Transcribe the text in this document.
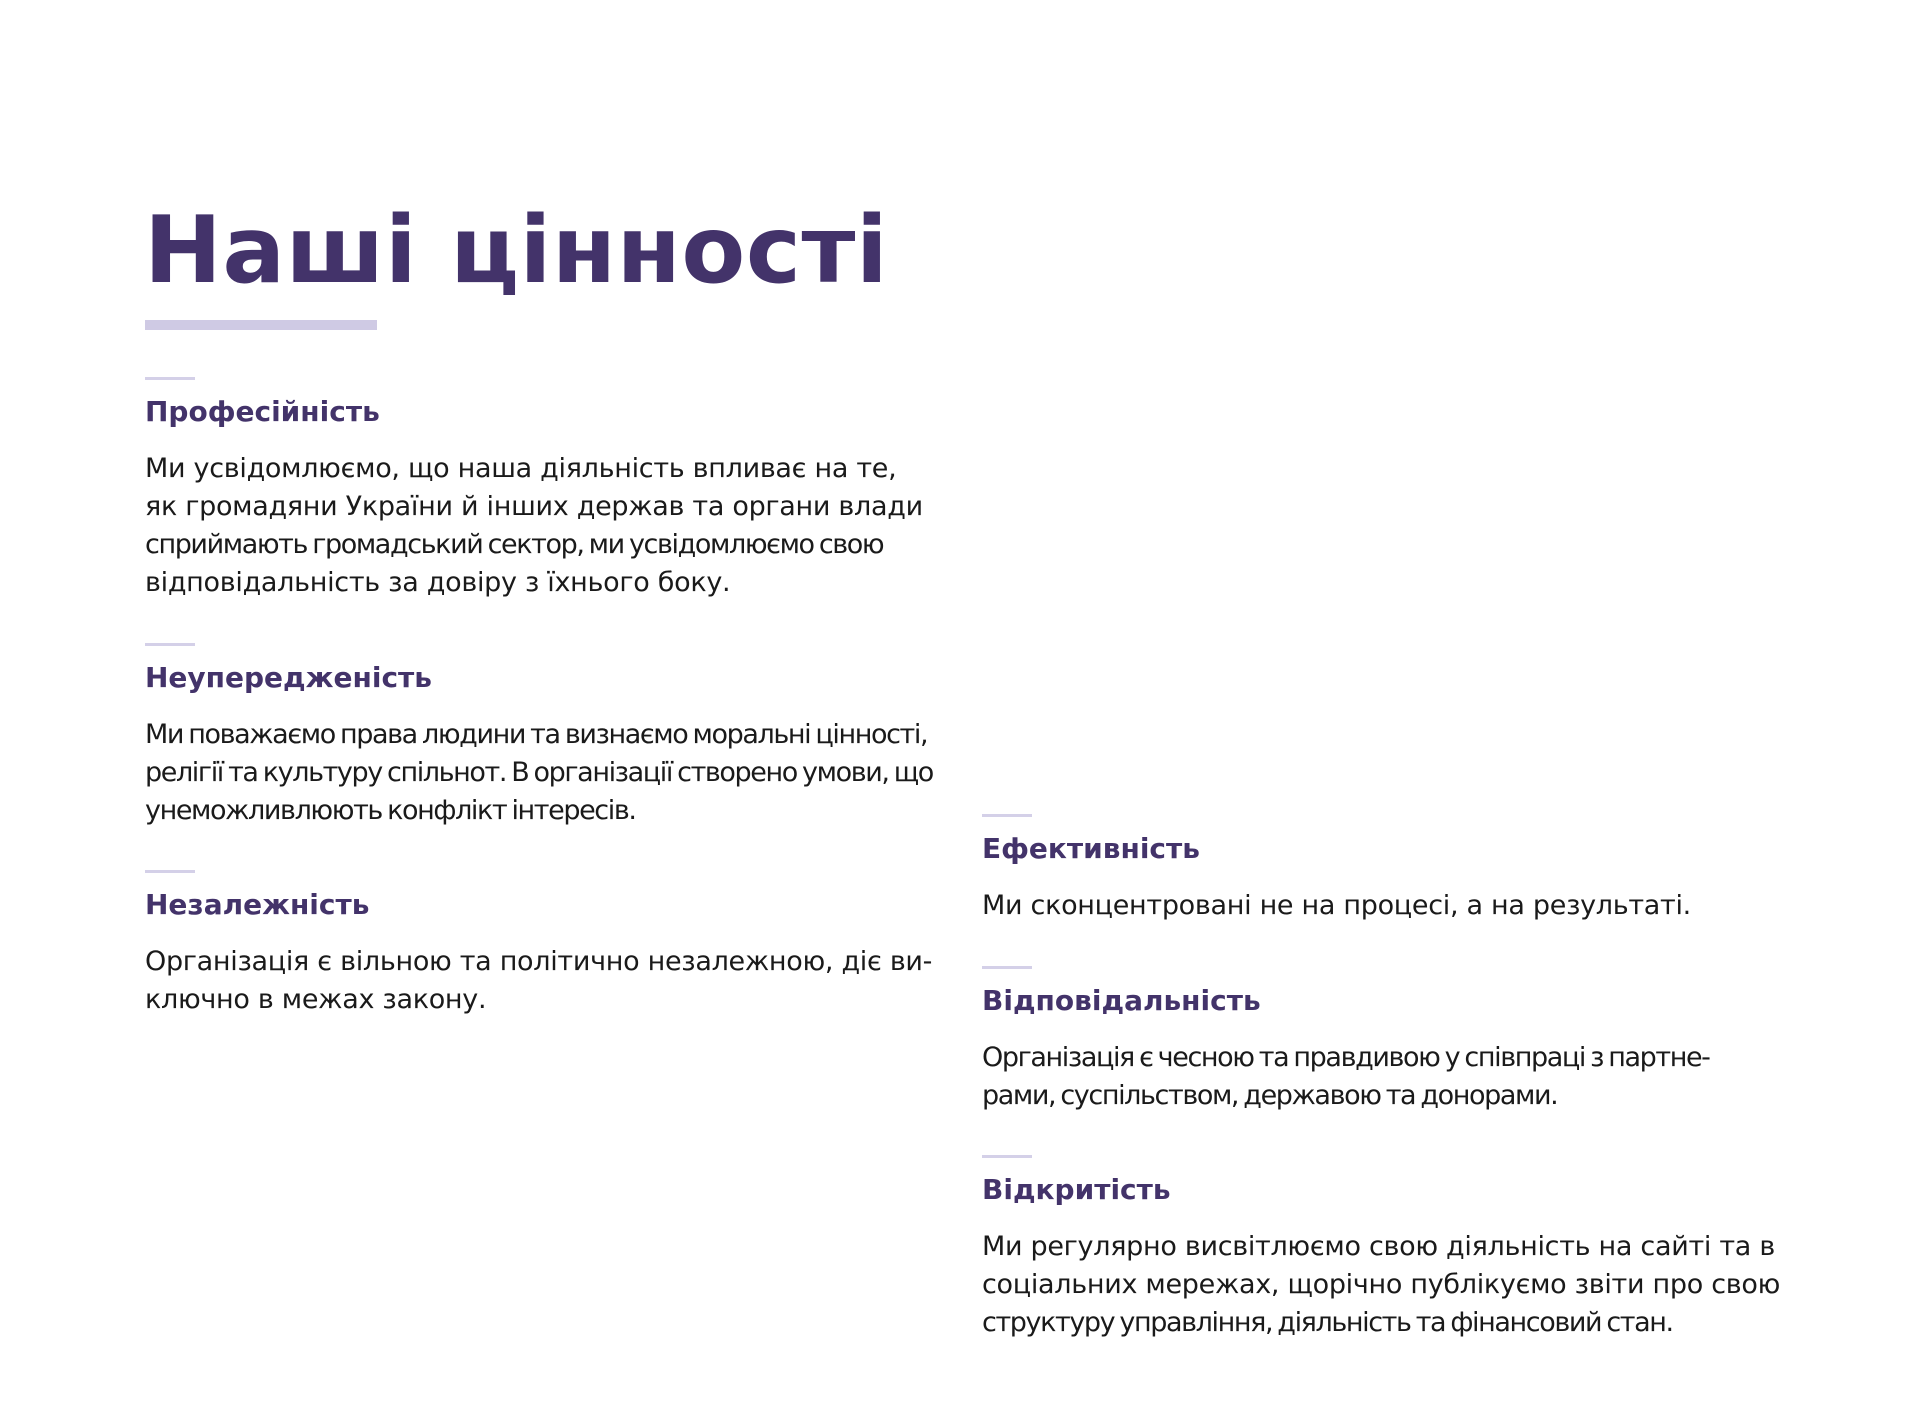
Наші цінності
Професійність

Ми усвідомлюємо, що наша діяльність впливає на те,
як громадяни України й інших держав та органи влади
сприймають громадський сектор, ми усвідомлюємо свою
відповідальність за довіру з їхнього боку.

Неупередженість

Ми поважаємо права людини та визнаємо моральні цінності,
релігії та культуру спільнот. В організації створено умови, що
унеможливлюють конфлікт інтересів.

Незалежність

Організація є вільною та політично незалежною, діє ви-
ключно в межах закону.

Ефективність

Ми сконцентровані не на процесі, а на результаті.

Відповідальність

Організація є чесною та правдивою у співпраці з партне-
рами, суспільством, державою та донорами.

Відкритість

Ми регулярно висвітлюємо свою діяльність на сайті та в
соціальних мережах, щорічно публікуємо звіти про свою
структуру управління, діяльність та фінансовий стан.
